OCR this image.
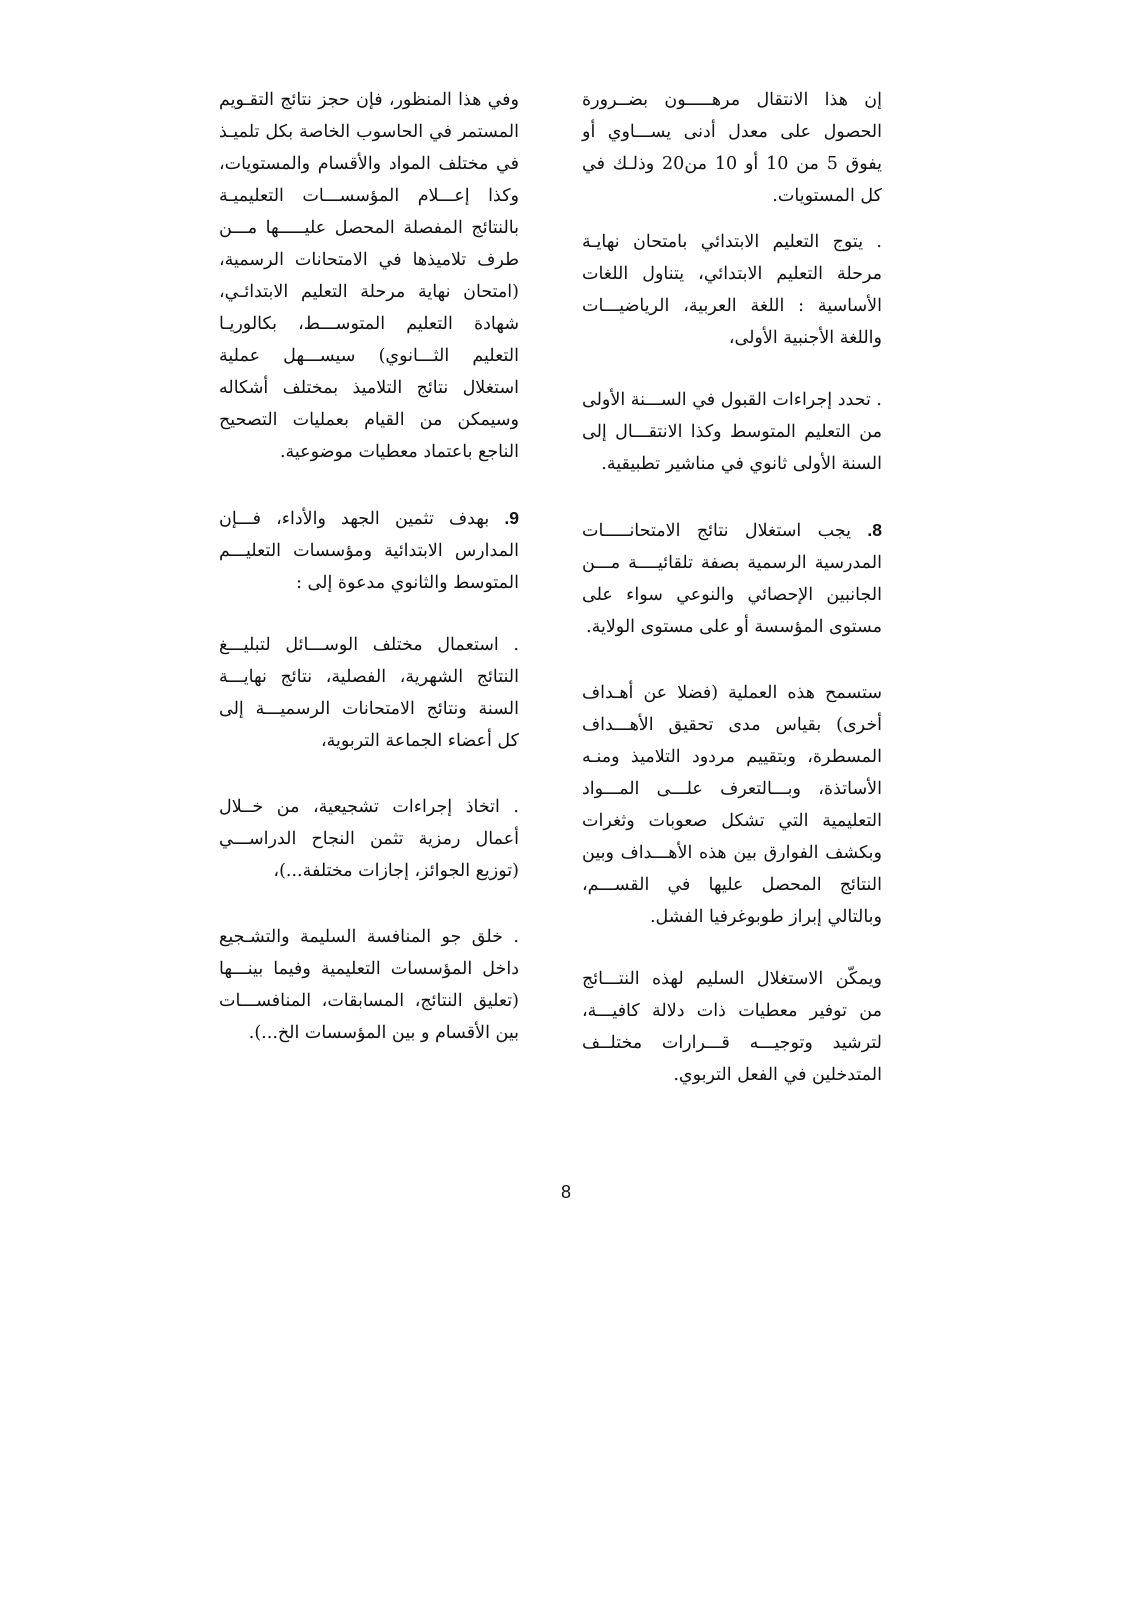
إن هذا الانتقال مرهـــــون بضــرورة الحصول على معدل أدنى يســـاوي أو يفوق 5 من 10 أو 10 من20 وذلـك في كل المستويات.

. يتوج التعليم الابتدائي بامتحان نهايـة مرحلة التعليم الابتدائي، يتناول اللغات الأساسية : اللغة العربية، الرياضيـــات واللغة الأجنبية الأولى،

. تحدد إجراءات القبول في الســـنة الأولى من التعليم المتوسط وكذا الانتقـــال إلى السنة الأولى ثانوي في مناشير تطبيقية.

8. يجب استغلال نتائج الامتحانـــــات المدرسية الرسمية بصفة تلقائيــــة مـــن الجانبين الإحصائي والنوعي سواء على مستوى المؤسسة أو على مستوى الولاية.

ستسمح هذه العملية (فضلا عن أهـداف أخرى) بقياس مدى تحقيق الأهـــداف المسطرة، وبتقييم مردود التلاميذ ومنـه الأساتذة، وبـــالتعرف علـــى المـــواد التعليمية التي تشكل صعوبات وثغرات وبكشف الفوارق بين هذه الأهـــداف وبين النتائج المحصل عليها في القســـم، وبالتالي إبراز طوبوغرفيا الفشل.

ويمكّن الاستغلال السليم لهذه النتـــائج من توفير معطيات ذات دلالة كافيـــة، لترشيد وتوجيـــه قـــرارات مختلــف المتدخلين في الفعل التربوي.

وفي هذا المنظور، فإن حجز نتائج التقـويم المستمر في الحاسوب الخاصة بكل تلميـذ في مختلف المواد والأقسام والمستويات، وكذا إعـــلام المؤسســـات التعليميـة بالنتائج المفصلة المحصل عليـــــها مـــن طرف تلاميذها في الامتحانات الرسمية، (امتحان نهاية مرحلة التعليم الابتدائـي، شهادة التعليم المتوســـط، بكالوريـا التعليم الثـــانوي) سيســـهل عملية استغلال نتائج التلاميذ بمختلف أشكاله وسيمكن من القيام بعمليات التصحيح الناجع باعتماد معطيات موضوعية.

9. بهدف تثمين الجهد والأداء، فـــإن المدارس الابتدائية ومؤسسات التعليـــم المتوسط والثانوي مدعوة إلى :

. استعمال مختلف الوســـائل لتبليـــغ النتائج الشهرية، الفصلية، نتائج نهايـــة السنة ونتائج الامتحانات الرسميـــة إلى كل أعضاء الجماعة التربوية،

. اتخاذ إجراءات تشجيعية، من خــلال أعمال رمزية تثمن النجاح الدراســـي (توزيع الجوائز، إجازات مختلفة...)،

. خلق جو المنافسة السليمة والتشـجيع داخل المؤسسات التعليمية وفيما بينـــها (تعليق النتائج، المسابقات، المنافســـات بين الأقسام و بين المؤسسات الخ...).

8
